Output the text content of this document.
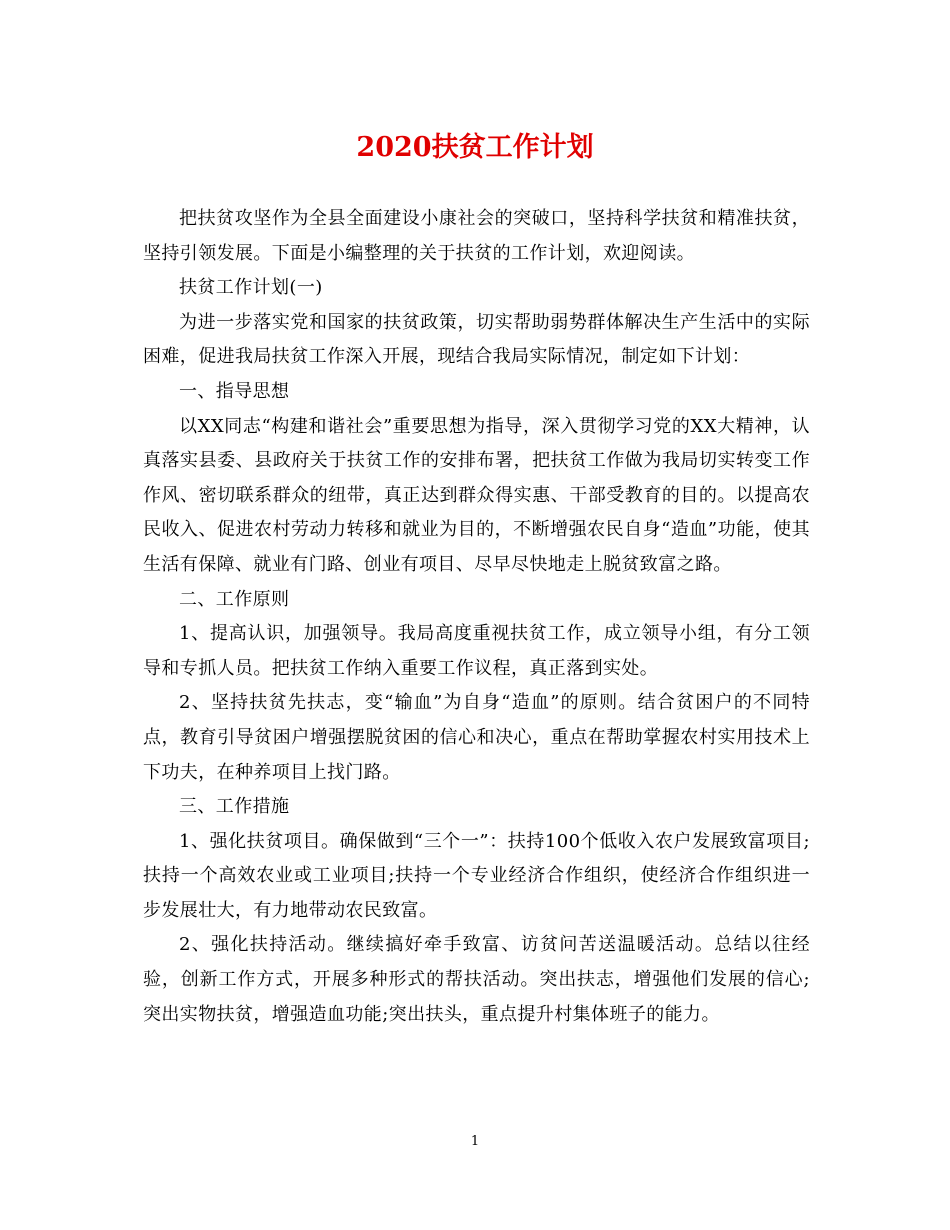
2020扶贫工作计划

把扶贫攻坚作为全县全面建设小康社会的突破口，坚持科学扶贫和精准扶贫，坚持引领发展。下面是小编整理的关于扶贫的工作计划，欢迎阅读。

扶贫工作计划(一)

为进一步落实党和国家的扶贫政策，切实帮助弱势群体解决生产生活中的实际困难，促进我局扶贫工作深入开展，现结合我局实际情况，制定如下计划：

一、指导思想

以XX同志“构建和谐社会”重要思想为指导，深入贯彻学习党的XX大精神，认真落实县委、县政府关于扶贫工作的安排布署，把扶贫工作做为我局切实转变工作作风、密切联系群众的纽带，真正达到群众得实惠、干部受教育的目的。以提高农民收入、促进农村劳动力转移和就业为目的，不断增强农民自身“造血”功能，使其生活有保障、就业有门路、创业有项目、尽早尽快地走上脱贫致富之路。

二、工作原则

1、提高认识，加强领导。我局高度重视扶贫工作，成立领导小组，有分工领导和专抓人员。把扶贫工作纳入重要工作议程，真正落到实处。

2、坚持扶贫先扶志，变“输血”为自身“造血”的原则。结合贫困户的不同特点，教育引导贫困户增强摆脱贫困的信心和决心，重点在帮助掌握农村实用技术上下功夫，在种养项目上找门路。

三、工作措施

1、强化扶贫项目。确保做到“三个一”：扶持100个低收入农户发展致富项目;扶持一个高效农业或工业项目;扶持一个专业经济合作组织，使经济合作组织进一步发展壮大，有力地带动农民致富。

2、强化扶持活动。继续搞好牵手致富、访贫问苦送温暖活动。总结以往经验，创新工作方式，开展多种形式的帮扶活动。突出扶志，增强他们发展的信心;突出实物扶贫，增强造血功能;突出扶头，重点提升村集体班子的能力。

1
